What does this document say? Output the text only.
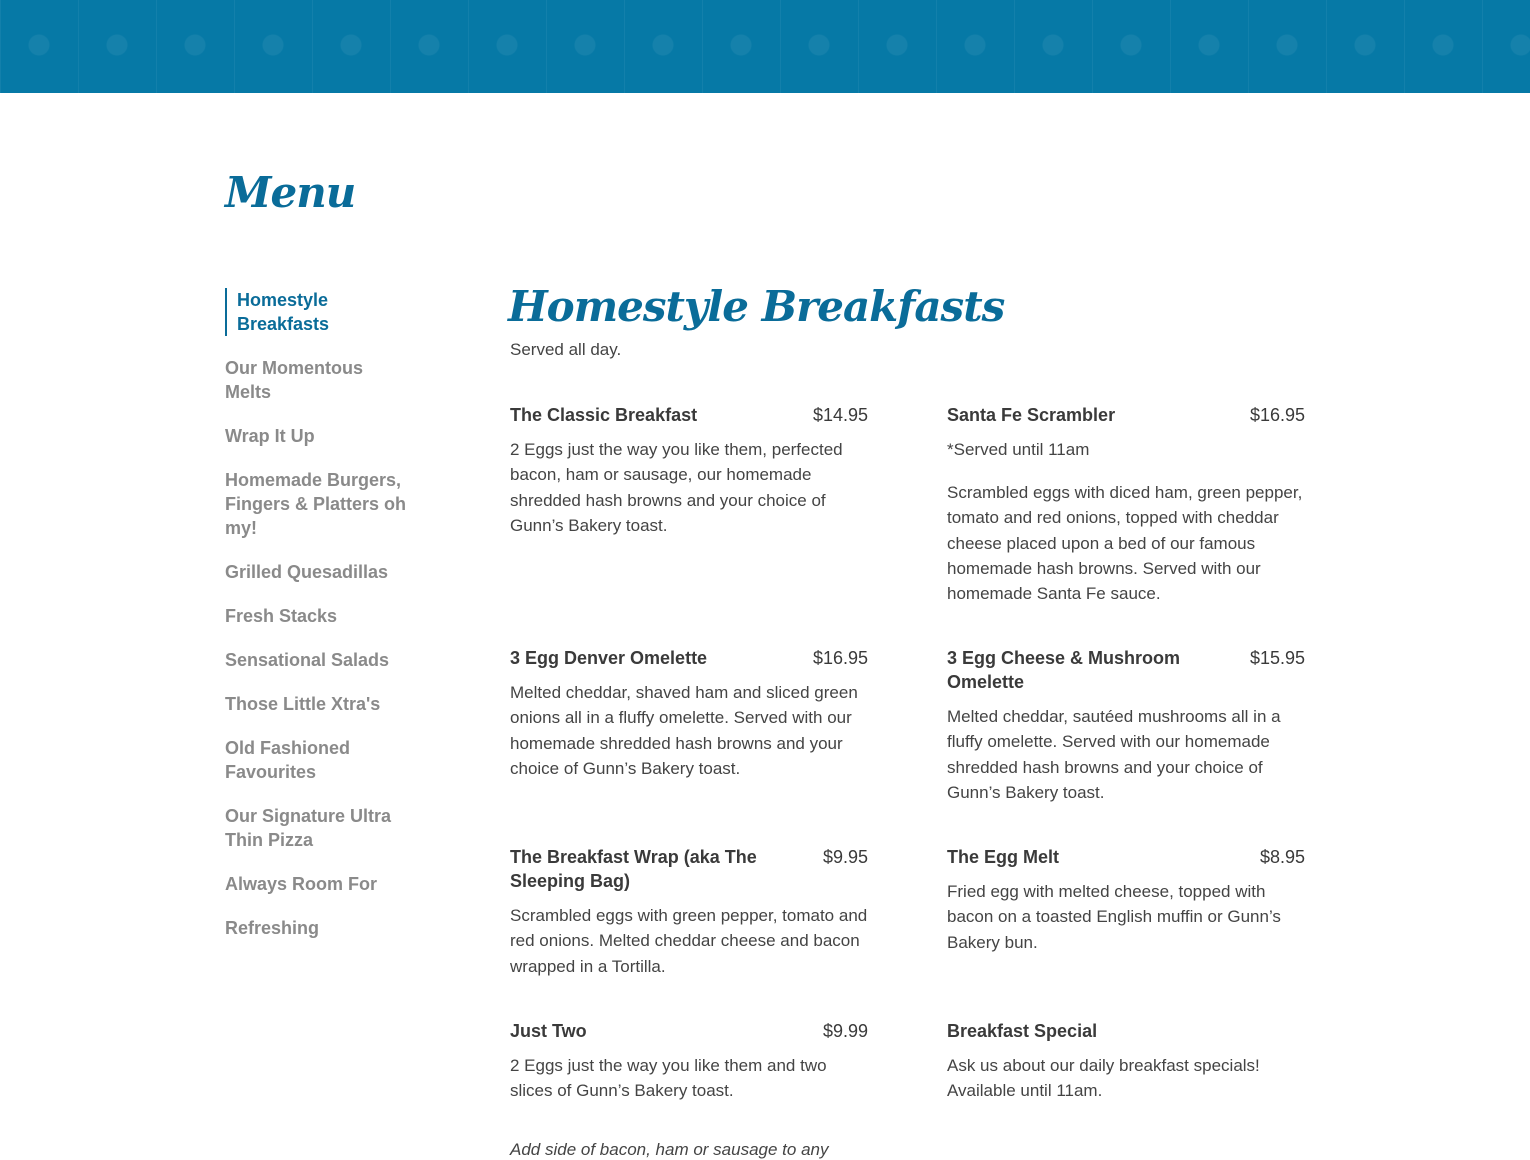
Menu
Homestyle Breakfasts
Our Momentous Melts
Wrap It Up
Homemade Burgers, Fingers & Platters oh my!
Grilled Quesadillas
Fresh Stacks
Sensational Salads
Those Little Xtra's
Old Fashioned Favourites
Our Signature Ultra Thin Pizza
Always Room For
Refreshing
Homestyle Breakfasts
Served all day.
The Classic Breakfast	$14.95
2 Eggs just the way you like them, perfected bacon, ham or sausage, our homemade shredded hash browns and your choice of Gunn’s Bakery toast.
Santa Fe Scrambler	$16.95
*Served until 11am
Scrambled eggs with diced ham, green pepper, tomato and red onions, topped with cheddar cheese placed upon a bed of our famous homemade hash browns. Served with our homemade Santa Fe sauce.
3 Egg Denver Omelette	$16.95
Melted cheddar, shaved ham and sliced green onions all in a fluffy omelette. Served with our homemade shredded hash browns and your choice of Gunn’s Bakery toast.
3 Egg Cheese & Mushroom Omelette
$15.95
Melted cheddar, sautéed mushrooms all in a fluffy omelette. Served with our homemade shredded hash browns and your choice of Gunn’s Bakery toast.
The Breakfast Wrap (aka The Sleeping Bag)
$9.95
Scrambled eggs with green pepper, tomato and red onions. Melted cheddar cheese and bacon wrapped in a Tortilla.
The Egg Melt	$8.95
Fried egg with melted cheese, topped with bacon on a toasted English muffin or Gunn’s Bakery bun.
Just Two	$9.99
2 Eggs just the way you like them and two slices of Gunn’s Bakery toast.
Breakfast Special
Ask us about our daily breakfast specials! Available until 11am.
Add side of bacon, ham or sausage to any
